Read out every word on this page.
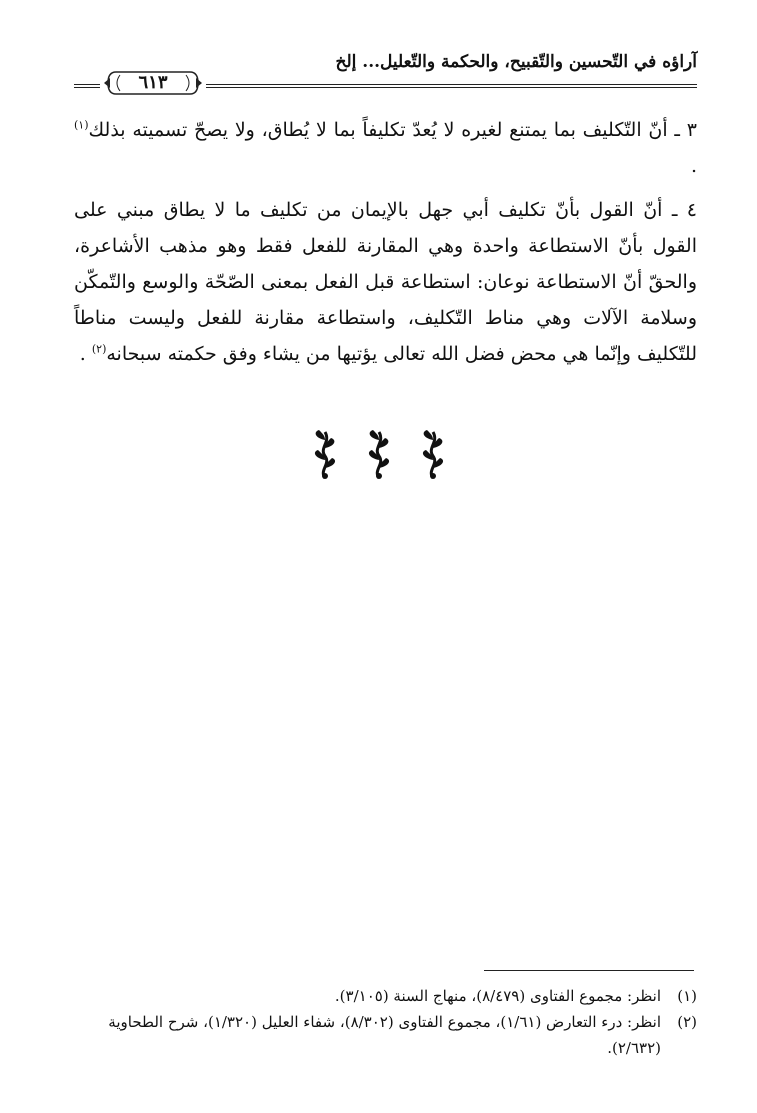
آراؤه في التّحسين والتّقبيح، والحكمة والتّعليل... إلخ
٦١٣

٣ ـ أنّ التّكليف بما يمتنع لغيره لا يُعدّ تكليفاً بما لا يُطاق، ولا يصحّ تسميته بذلك$^{(١)}$ .

٤ ـ أنّ القول بأنّ تكليف أبي جهل بالإيمان من تكليف ما لا يطاق مبني على القول بأنّ الاستطاعة واحدة وهي المقارنة للفعل فقط وهو مذهب الأشاعرة، والحقّ أنّ الاستطاعة نوعان: استطاعة قبل الفعل بمعنى الصّحّة والوسع والتّمكّن وسلامة الآلات وهي مناط التّكليف، واستطاعة مقارنة للفعل وليست مناطاً للتّكليف وإنّما هي محض فضل الله تعالى يؤتيها من يشاء وفق حكمته سبحانه$^{(٢)}$ .

(١)
انظر: مجموع الفتاوى (٨/٤٧٩)، منهاج السنة (٣/١٠٥).
(٢)
انظر: درء التعارض (١/٦١)، مجموع الفتاوى (٨/٣٠٢)، شفاء العليل (١/٣٢٠)، شرح الطحاوية (٢/٦٣٢).
